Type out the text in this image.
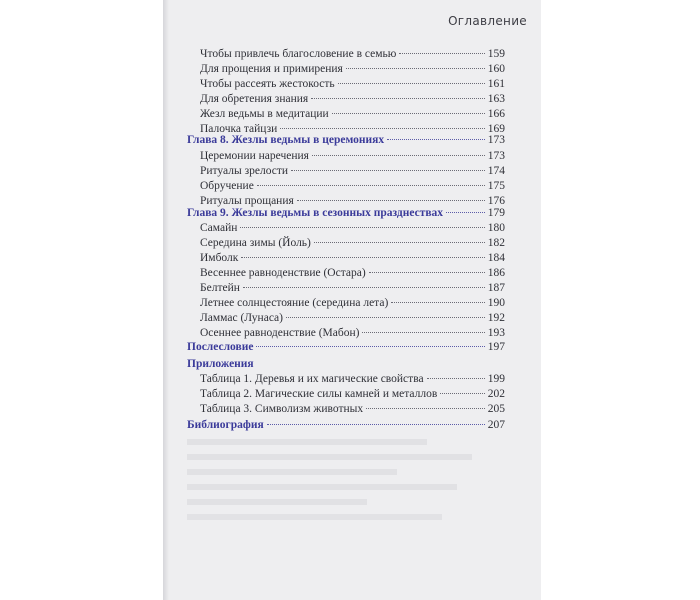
Оглавление
Чтобы привлечь благословение в семью	159
Для прощения и примирения	160
Чтобы рассеять жестокость	161
Для обретения знания	163
Жезл ведьмы в медитации	166
Палочка тайцзи	169
Глава 8. Жезлы ведьмы в церемониях	173
Церемонии наречения	173
Ритуалы зрелости	174
Обручение	175
Ритуалы прощания	176
Глава 9. Жезлы ведьмы в сезонных празднествах	179
Самайн	180
Середина зимы (Йоль)	182
Имболк	184
Весеннее равноденствие (Остара)	186
Белтейн	187
Летнее солнцестояние (середина лета)	190
Ламмас (Лунаса)	192
Осеннее равноденствие (Мабон)	193
Послесловие	197
Приложения
Таблица 1. Деревья и их магические свойства	199
Таблица 2. Магические силы камней и металлов	202
Таблица 3. Символизм животных	205
Библиография	207
